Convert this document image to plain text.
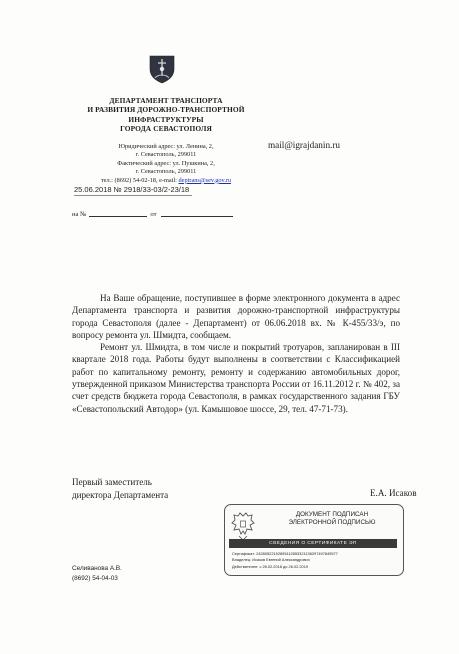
ДЕПАРТАМЕНТ ТРАНСПОРТА
И РАЗВИТИЯ ДОРОЖНО-ТРАНСПОРТНОЙ
ИНФРАСТРУКТУРЫ
ГОРОДА СЕВАСТОПОЛЯ
Юридический адрес: ул. Ленина, 2,
г. Севастополь, 299011
Фактический адрес: ул. Пушкина, 2,
г. Севастополь, 299011
тел.: (8692) 54-02-18, e-mail: deptrans@sev.gov.ru
mail@igrajdanin.ru
25.06.2018 № 2918/33-03/2-23/18
на №	от

На Ваше обращение, поступившее в форме электронного документа в адрес Департамента транспорта и развития дорожно-транспортной инфраструктуры города Севастополя (далее - Департамент) от 06.06.2018 вх. № К-455/33/э, по вопросу ремонта ул. Шмидта, сообщаем.

Ремонт ул. Шмидта, в том числе и покрытий тротуаров, запланирован в III квартале 2018 года. Работы будут выполнены в соответствии с Классификацией работ по капитальному ремонту, ремонту и содержанию автомобильных дорог, утвержденной приказом Министерства транспорта России от 16.11.2012 г. № 402, за счет средств бюджета города Севастополя, в рамках государственного задания ГБУ «Севастопольский Автодор» (ул. Камышовое шоссе, 29, тел. 47-71-73).

Первый заместитель
директора Департамента	Е.А. Исаков
ДОКУМЕНТ ПОДПИСАН
ЭЛЕКТРОННОЙ ПОДПИСЬЮ
СВЕДЕНИЯ О СЕРТИФИКАТЕ ЭП
Сертификат: 24280522192895112853321136297497849577
Владелец: Исаков Евгений Александрович
Действителен: с 26.02.2018 до 26.02.2019
Селиванова А.В.
(8692) 54-04-03
